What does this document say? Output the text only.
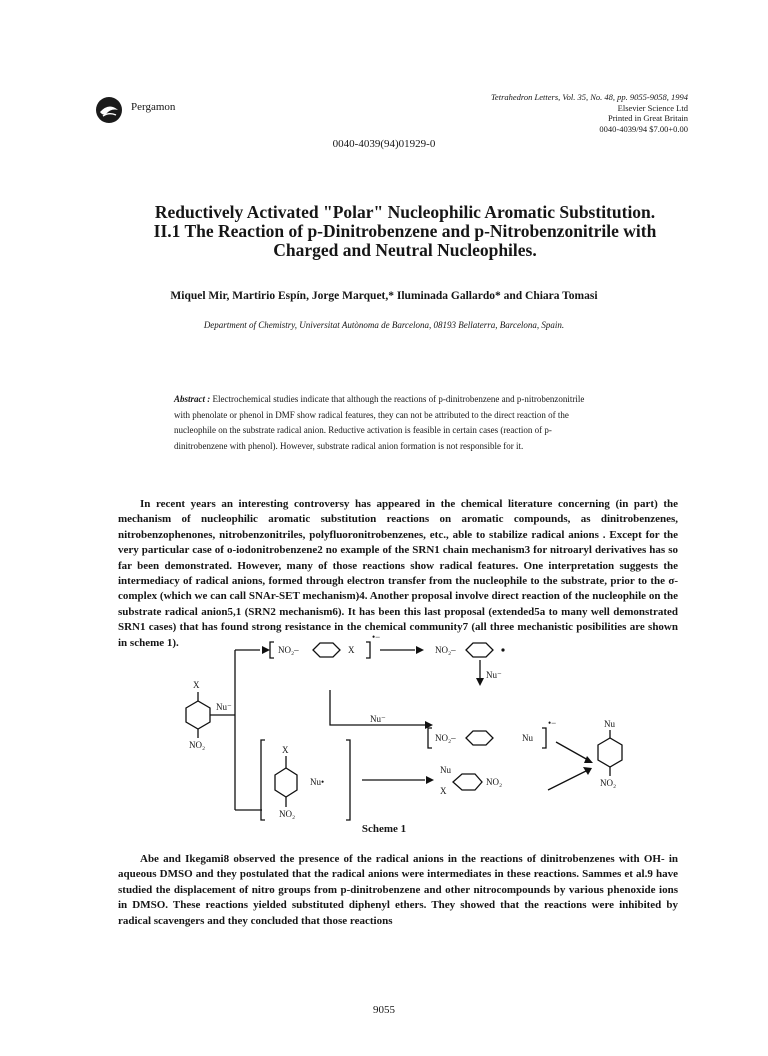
Pergamon
Tetrahedron Letters, Vol. 35, No. 48, pp. 9055-9058, 1994
Elsevier Science Ltd
Printed in Great Britain
0040-4039/94 $7.00+0.00
0040-4039(94)01929-0
Reductively Activated "Polar" Nucleophilic Aromatic Substitution. II.1 The Reaction of p-Dinitrobenzene and p-Nitrobenzonitrile with Charged and Neutral Nucleophiles.
Miquel Mir, Martirio Espín, Jorge Marquet,* Iluminada Gallardo* and Chiara Tomasi
Department of Chemistry, Universitat Autònoma de Barcelona, 08193 Bellaterra, Barcelona, Spain.
Abstract : Electrochemical studies indicate that although the reactions of p-dinitrobenzene and p-nitrobenzonitrile with phenolate or phenol in DMF show radical features, they can not be attributed to the direct reaction of the nucleophile on the substrate radical anion. Reductive activation is feasible in certain cases (reaction of p-dinitrobenzene with phenol). However, substrate radical anion formation is not responsible for it.

In recent years an interesting controversy has appeared in the chemical literature concerning (in part) the mechanism of nucleophilic aromatic substitution reactions on aromatic compounds, as dinitrobenzenes, nitrobenzophenones, nitrobenzonitriles, polyfluoronitrobenzenes, etc., able to stabilize radical anions . Except for the very particular case of o-iodonitrobenzene2 no example of the SRN1 chain mechanism3 for nitroaryl derivatives has so far been demonstrated. However, many of those reactions show radical features. One interpretation suggests the intermediacy of radical anions, formed through electron transfer from the nucleophile to the substrate, prior to the σ-complex (which we can call SNAr-SET mechanism)4. Another proposal involve direct reaction of the nucleophile on the substrate radical anion5,1 (SRN2 mechanism6). It has been this last proposal (extended5a to many well demonstrated SRN1 cases) that has found strong resistance in the chemical community7 (all three mechanistic posibilities are shown in scheme 1).

X
Nu⁻
NO₂
NO₂–	X
•−
NO₂–
Nu⁻
Nu⁻
NO₂–	Nu
•−
X
NO₂
Nu•
Nu
X
NO₂
Nu
NO₂
Scheme 1

Abe and Ikegami8 observed the presence of the radical anions in the reactions of dinitrobenzenes with OH- in aqueous DMSO and they postulated that the radical anions were intermediates in these reactions. Sammes et al.9 have studied the displacement of nitro groups from p-dinitrobenzene and other nitrocompounds by various phenoxide ions in DMSO. These reactions yielded substituted diphenyl ethers. They showed that the reactions were inhibited by radical scavengers and they concluded that those reactions

9055
